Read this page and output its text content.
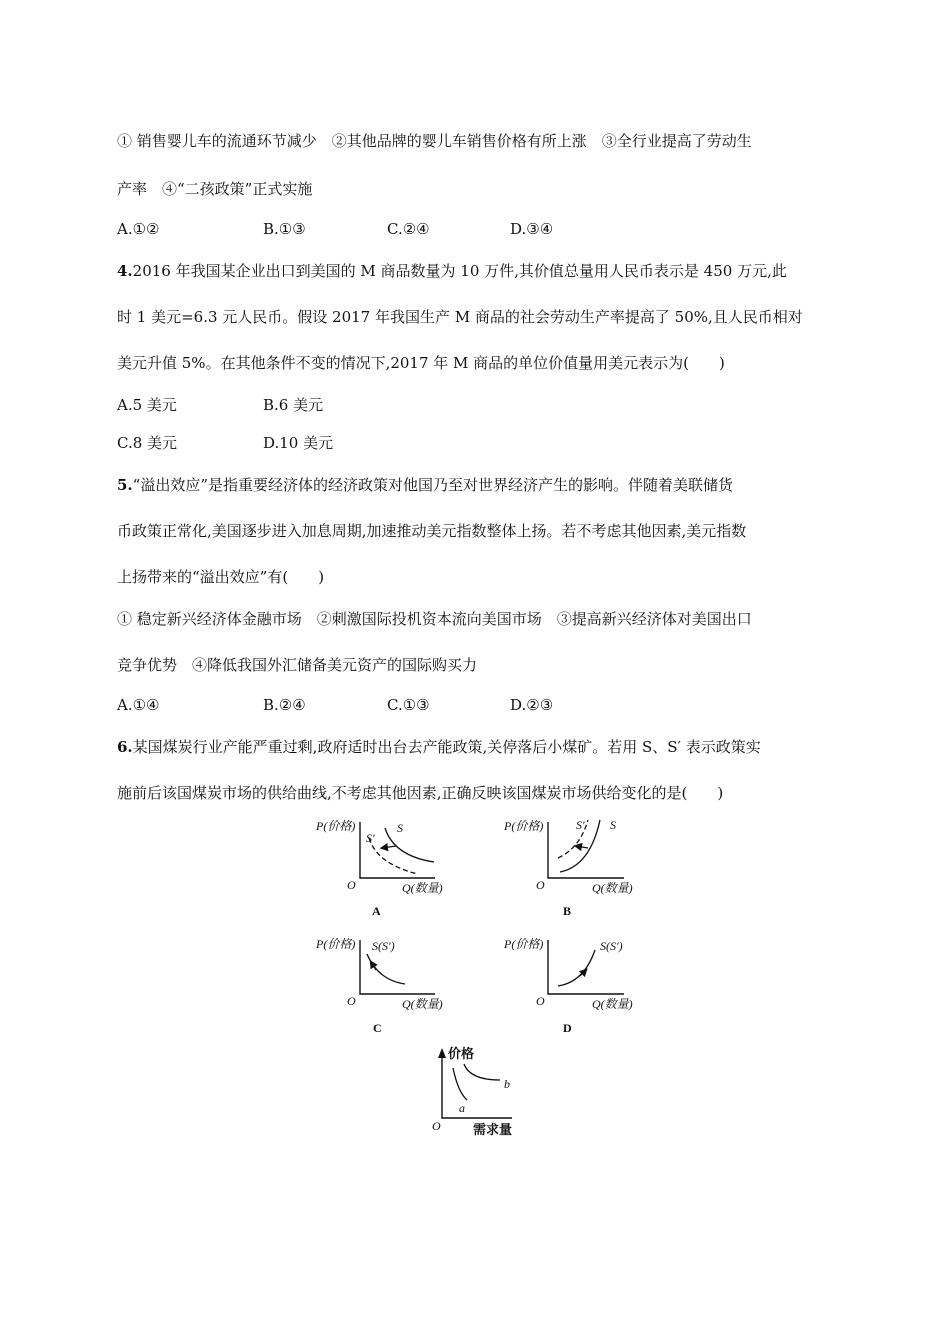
① 销售婴儿车的流通环节减少　②其他品牌的婴儿车销售价格有所上涨　③全行业提高了劳动生
产率　④“二孩政策”正式实施
A.①②	B.①③	C.②④	D.③④
4.2016 年我国某企业出口到美国的 M 商品数量为 10 万件,其价值总量用人民币表示是 450 万元,此
时 1 美元=6.3 元人民币。假设 2017 年我国生产 M 商品的社会劳动生产率提高了 50%,且人民币相对
美元升值 5%。在其他条件不变的情况下,2017 年 M 商品的单位价值量用美元表示为(　　)
A.5 美元	B.6 美元
C.8 美元	D.10 美元
5.“溢出效应”是指重要经济体的经济政策对他国乃至对世界经济产生的影响。伴随着美联储货
币政策正常化,美国逐步进入加息周期,加速推动美元指数整体上扬。若不考虑其他因素,美元指数
上扬带来的“溢出效应”有(　　)
① 稳定新兴经济体金融市场　②刺激国际投机资本流向美国市场　③提高新兴经济体对美国出口
竞争优势　④降低我国外汇储备美元资产的国际购买力
A.①④	B.②④	C.①③	D.②③
6.某国煤炭行业产能严重过剩,政府适时出台去产能政策,关停落后小煤矿。若用 S、S′ 表示政策实
施前后该国煤炭市场的供给曲线,不考虑其他因素,正确反映该国煤炭市场供给变化的是(　　)
P(价格)
O	Q(数量)
S
S′
A
P(价格)
O	Q(数量)
S
S′
B
P(价格)
O	Q(数量)
S(S′)
C
P(价格)
O	Q(数量)
S(S′)
D
价格
O 需求量
a
b
